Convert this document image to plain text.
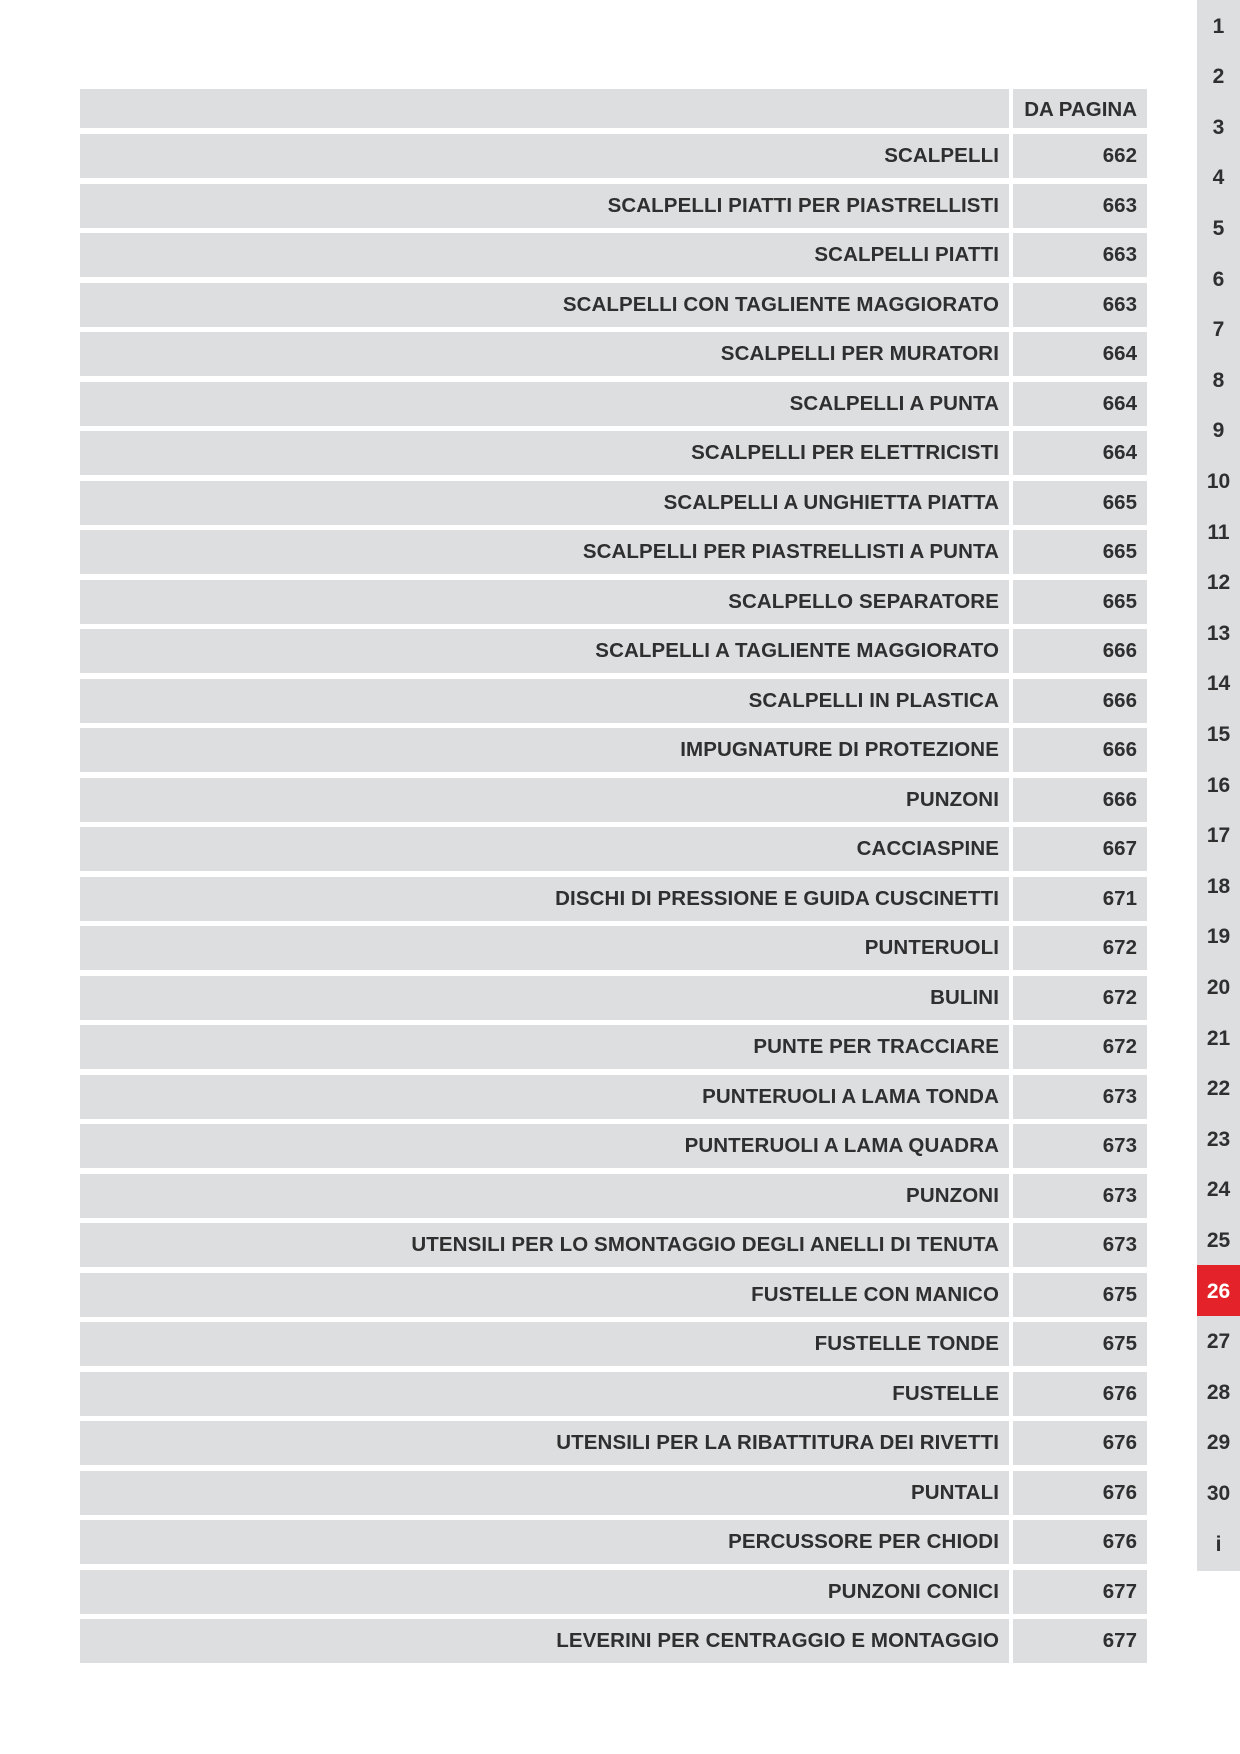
DA PAGINA
SCALPELLI	662
SCALPELLI PIATTI PER PIASTRELLISTI	663
SCALPELLI PIATTI	663
SCALPELLI CON TAGLIENTE MAGGIORATO	663
SCALPELLI PER MURATORI	664
SCALPELLI A PUNTA	664
SCALPELLI PER ELETTRICISTI	664
SCALPELLI A UNGHIETTA PIATTA	665
SCALPELLI PER PIASTRELLISTI A PUNTA	665
SCALPELLO SEPARATORE	665
SCALPELLI A TAGLIENTE MAGGIORATO	666
SCALPELLI IN PLASTICA	666
IMPUGNATURE DI PROTEZIONE	666
PUNZONI	666
CACCIASPINE	667
DISCHI DI PRESSIONE E GUIDA CUSCINETTI	671
PUNTERUOLI	672
BULINI	672
PUNTE PER TRACCIARE	672
PUNTERUOLI A LAMA TONDA	673
PUNTERUOLI A LAMA QUADRA	673
PUNZONI	673
UTENSILI PER LO SMONTAGGIO DEGLI ANELLI DI TENUTA	673
FUSTELLE CON MANICO	675
FUSTELLE TONDE	675
FUSTELLE	676
UTENSILI PER LA RIBATTITURA DEI RIVETTI	676
PUNTALI	676
PERCUSSORE PER CHIODI	676
PUNZONI CONICI	677
LEVERINI PER CENTRAGGIO E MONTAGGIO	677
1
2
3
4
5
6
7
8
9
10
11
12
13
14
15
16
17
18
19
20
21
22
23
24
25
26
27
28
29
30
i
